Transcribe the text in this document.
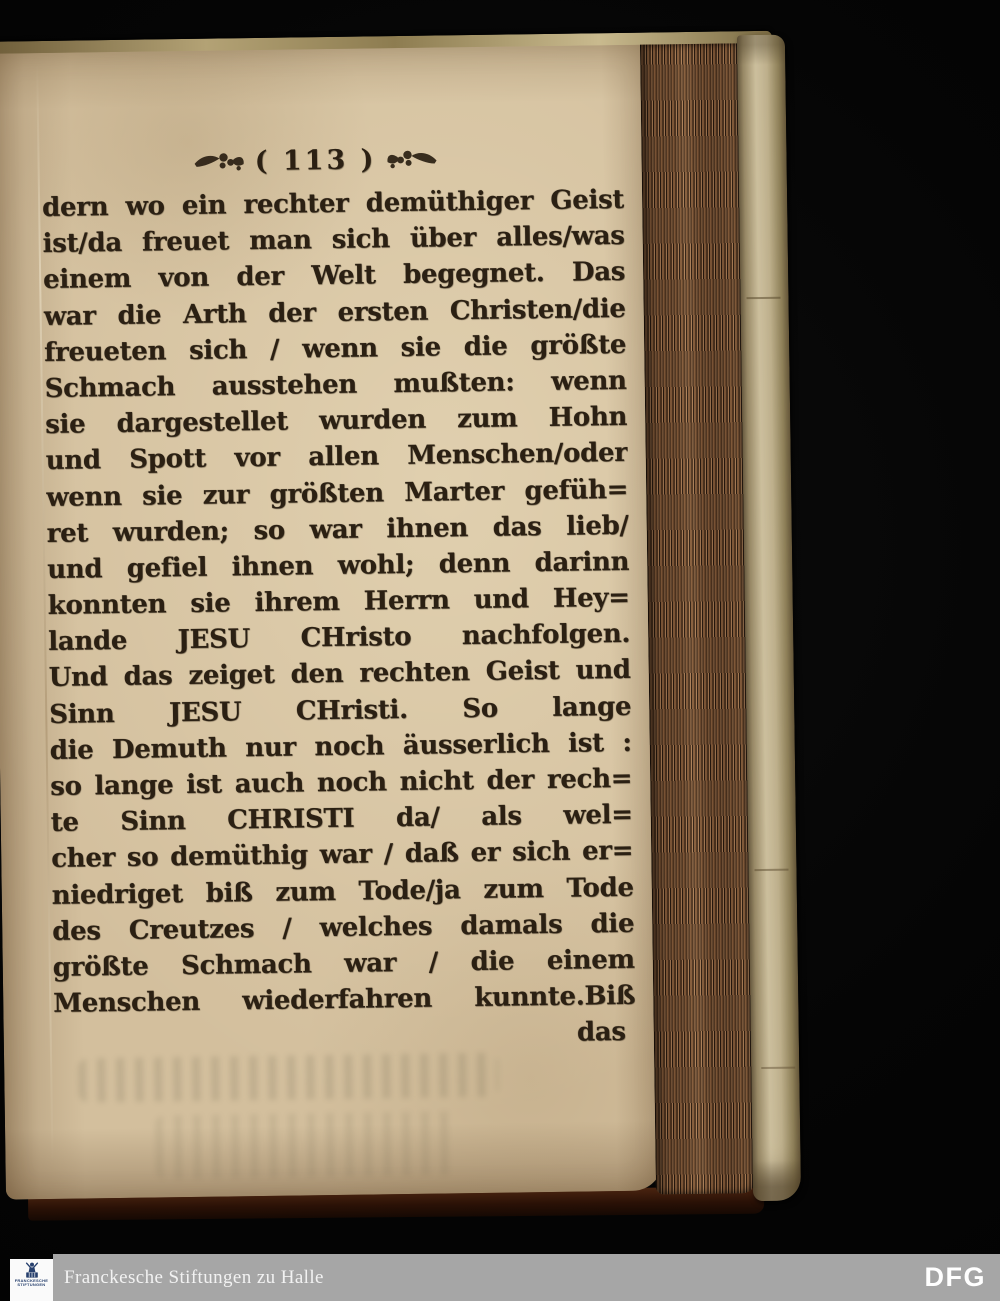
( 113 )
dern wo ein rechter demüthiger Geist
ist/da freuet man sich über alles/was
einem von der Welt begegnet. Das
war die Arth der ersten Christen/die
freueten sich / wenn sie die größte
Schmach ausstehen mußten: wenn
sie dargestellet wurden zum Hohn
und Spott vor allen Menschen/oder
wenn sie zur größten Marter gefüh=
ret wurden; so war ihnen das lieb/
und gefiel ihnen wohl; denn darinn
konnten sie ihrem Herrn und Hey=
lande JESU CHristo nachfolgen.
Und das zeiget den rechten Geist und
Sinn JESU CHristi. So lange
die Demuth nur noch äusserlich ist :
so lange ist auch noch nicht der rech=
te Sinn CHRISTI da/ als wel=
cher so demüthig war / daß er sich er=
niedriget biß zum Tode/ja zum Tode
des Creutzes / welches damals die
größte Schmach war / die einem
Menschen wiederfahren kunnte.Biß
das
Franckesche Stiftungen zu Halle	DFG
FRANCKESCHE
STIFTUNGEN
